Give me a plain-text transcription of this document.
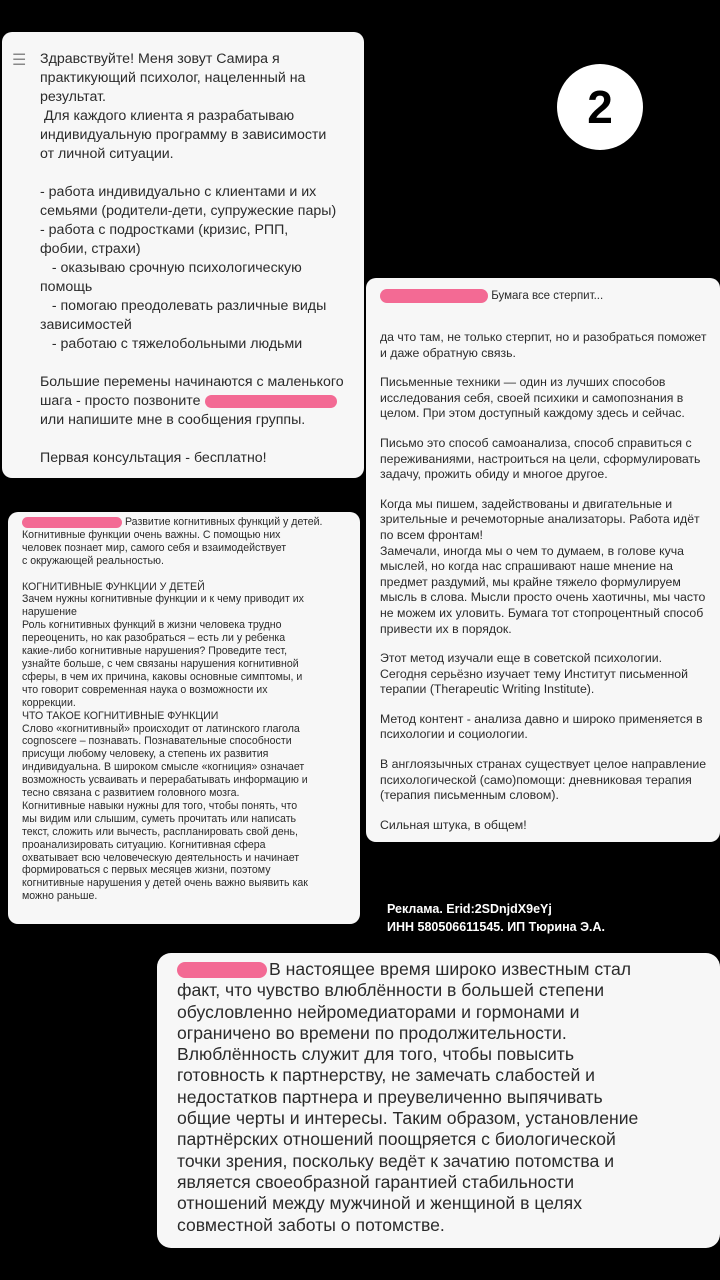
☰ Здравствуйте! Меня зовут Самира я
практикующий психолог, нацеленный на
результат.
Для каждого клиента я разрабатываю
индивидуальную программу в зависимости
от личной ситуации.
- работа индивидуально с клиентами и их
семьями (родители-дети, супружеские пары)
- работа с подростками (кризис, РПП,
фобии, страхи)
- оказываю срочную психологическую
помощь
- помогаю преодолевать различные виды
зависимостей
- работаю с тяжелобольными людьми
Большие перемены начинаются с маленького
шага - просто позвоните
или напишите мне в сообщения группы.
Первая консультация - бесплатно!
2
Бумага все стерпит...

да что там, не только стерпит, но и разобраться поможет
и даже обратную связь.

Письменные техники — один из лучших способов
исследования себя, своей психики и самопознания в
целом. При этом доступный каждому здесь и сейчас.

Письмо это способ самоанализа, способ справиться с
переживаниями, настроиться на цели, сформулировать
задачу, прожить обиду и многое другое.

Когда мы пишем, задействованы и двигательные и
зрительные и речемоторные анализаторы. Работа идёт
по всем фронтам!
Замечали, иногда мы о чем то думаем, в голове куча
мыслей, но когда нас спрашивают наше мнение на
предмет раздумий, мы крайне тяжело формулируем
мысль в слова. Мысли просто очень хаотичны, мы часто
не можем их уловить. Бумага тот стопроцентный способ
привести их в порядок.

Этот метод изучали еще в советской психологии.
Сегодня серьёзно изучает тему Институт письменной
терапии (Therapeutic Writing Institute).

Метод контент - анализа давно и широко применяется в
психологии и социологии.

В англоязычных странах существует целое направление
психологической (само)помощи: дневниковая терапия
(терапия письменным словом).

Сильная штука, в общем!

Развитие когнитивных функций у детей.

Когнитивные функции очень важны. С помощью них
человек познает мир, самого себя и взаимодействует
с окружающей реальностью.

КОГНИТИВНЫЕ ФУНКЦИИ У ДЕТЕЙ
Зачем нужны когнитивные функции и к чему приводит их
нарушение
Роль когнитивных функций в жизни человека трудно
переоценить, но как разобраться – есть ли у ребенка
какие-либо когнитивные нарушения? Проведите тест,
узнайте больше, с чем связаны нарушения когнитивной
сферы, в чем их причина, каковы основные симптомы, и
что говорит современная наука о возможности их
коррекции.
ЧТО ТАКОЕ КОГНИТИВНЫЕ ФУНКЦИИ
Слово «когнитивный» происходит от латинского глагола
cognoscere – познавать. Познавательные способности
присущи любому человеку, а степень их развития
индивидуальна. В широком смысле «когниция» означает
возможность усваивать и перерабатывать информацию и
тесно связана с развитием головного мозга.
Когнитивные навыки нужны для того, чтобы понять, что
мы видим или слышим, суметь прочитать или написать
текст, сложить или вычесть, распланировать свой день,
проанализировать ситуацию. Когнитивная сфера
охватывает всю человеческую деятельность и начинает
формироваться с первых месяцев жизни, поэтому
когнитивные нарушения у детей очень важно выявить как
можно раньше.

Реклама. Erid:2SDnjdX9eYj
ИНН 580506611545. ИП Тюрина Э.А.

В настоящее время широко известным стал
факт, что чувство влюблённости в большей степени
обусловленно нейромедиаторами и гормонами и
ограниченo во времени по продолжительности.
Влюблённость служит для того, чтобы повысить
готовность к партнерству, не замечать слабостей и
недостатков партнера и преувеличенно выпячивать
общие черты и интересы. Таким образом, установление
партнёрских отношений поощряется с биологической
точки зрения, поскольку ведёт к зачатию потомства и
является своеобразной гарантией стабильности
отношений между мужчиной и женщиной в целях
совместной заботы о потомстве.
